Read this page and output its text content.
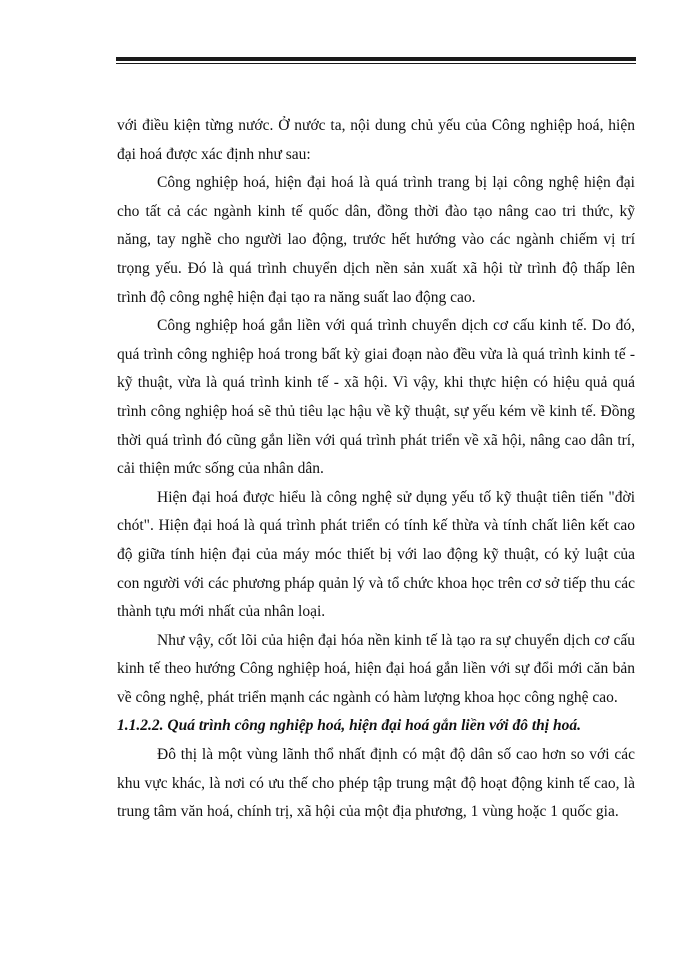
với điều kiện từng nước. Ở nước ta, nội dung chủ yếu của Công nghiệp hoá, hiện đại hoá được xác định như sau:

Công nghiệp hoá, hiện đại hoá là quá trình trang bị lại công nghệ hiện đại cho tất cả các ngành kinh tế quốc dân, đồng thời đào tạo nâng cao tri thức, kỹ năng, tay nghề cho người lao động, trước hết hướng vào các ngành chiếm vị trí trọng yếu. Đó là quá trình chuyển dịch nền sản xuất xã hội từ trình độ thấp lên trình độ công nghệ hiện đại tạo ra năng suất lao động cao.

Công nghiệp hoá gắn liền với quá trình chuyển dịch cơ cấu kinh tế. Do đó, quá trình công nghiệp hoá trong bất kỳ giai đoạn nào đều vừa là quá trình kinh tế - kỹ thuật, vừa là quá trình kinh tế - xã hội. Vì vậy, khi thực hiện có hiệu quả quá trình công nghiệp hoá sẽ thủ tiêu lạc hậu về kỹ thuật, sự yếu kém về kinh tế. Đồng thời quá trình đó cũng gắn liền với quá trình phát triển về xã hội, nâng cao dân trí, cải thiện mức sống của nhân dân.

Hiện đại hoá được hiểu là công nghệ sử dụng yếu tố kỹ thuật tiên tiến "đời chót". Hiện đại hoá là quá trình phát triển có tính kế thừa và tính chất liên kết cao độ giữa tính hiện đại của máy móc thiết bị với lao động kỹ thuật, có kỷ luật của con người với các phương pháp quản lý và tổ chức khoa học trên cơ sở tiếp thu các thành tựu mới nhất của nhân loại.

Như vậy, cốt lõi của hiện đại hóa nền kinh tế là tạo ra sự chuyển dịch cơ cấu kinh tế theo hướng Công nghiệp hoá, hiện đại hoá gắn liền với sự đổi mới căn bản về công nghệ, phát triển mạnh các ngành có hàm lượng khoa học công nghệ cao.

1.1.2.2. Quá trình công nghiệp hoá, hiện đại hoá gắn liền với đô thị hoá.

Đô thị là một vùng lãnh thổ nhất định có mật độ dân số cao hơn so với các khu vực khác, là nơi có ưu thế cho phép tập trung mật độ hoạt động kinh tế cao, là trung tâm văn hoá, chính trị, xã hội của một địa phương, 1 vùng hoặc 1 quốc gia.
